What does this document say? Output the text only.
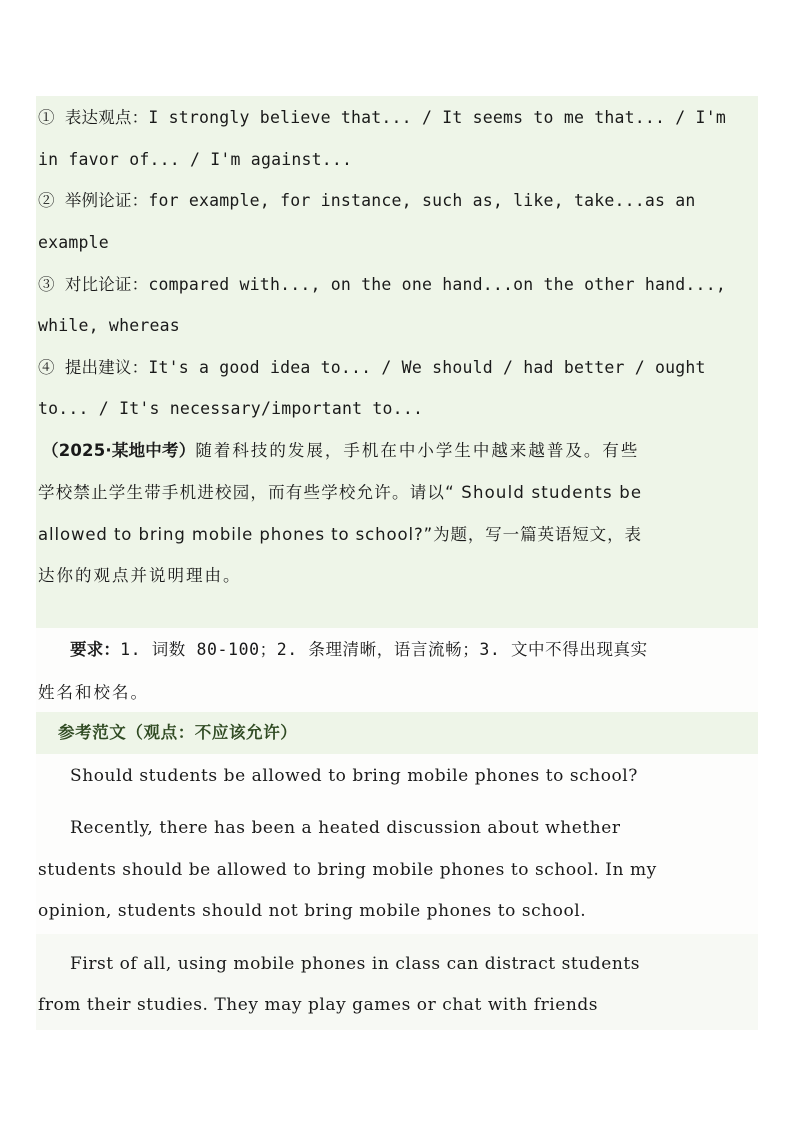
① 表达观点：I strongly believe that... / It seems to me that... / I'm
in favor of... / I'm against...
② 举例论证：for example, for instance, such as, like, take...as an
example
③ 对比论证：compared with..., on the one hand...on the other hand...,
while, whereas
④ 提出建议：It's a good idea to... / We should / had better / ought
to... / It's necessary/important to...
（2025·某地中考）随着科技的发展，手机在中小学生中越来越普及。有些
学校禁止学生带手机进校园，而有些学校允许。请以“ Should students be
allowed to bring mobile phones to school?”为题，写一篇英语短文，表
达你的观点并说明理由。
要求：1. 词数 80-100；2. 条理清晰，语言流畅；3. 文中不得出现真实
姓名和校名。
参考范文（观点：不应该允许）
Should students be allowed to bring mobile phones to school?
Recently, there has been a heated discussion about whether
students should be allowed to bring mobile phones to school. In my
opinion, students should not bring mobile phones to school.
First of all, using mobile phones in class can distract students
from their studies. They may play games or chat with friends
